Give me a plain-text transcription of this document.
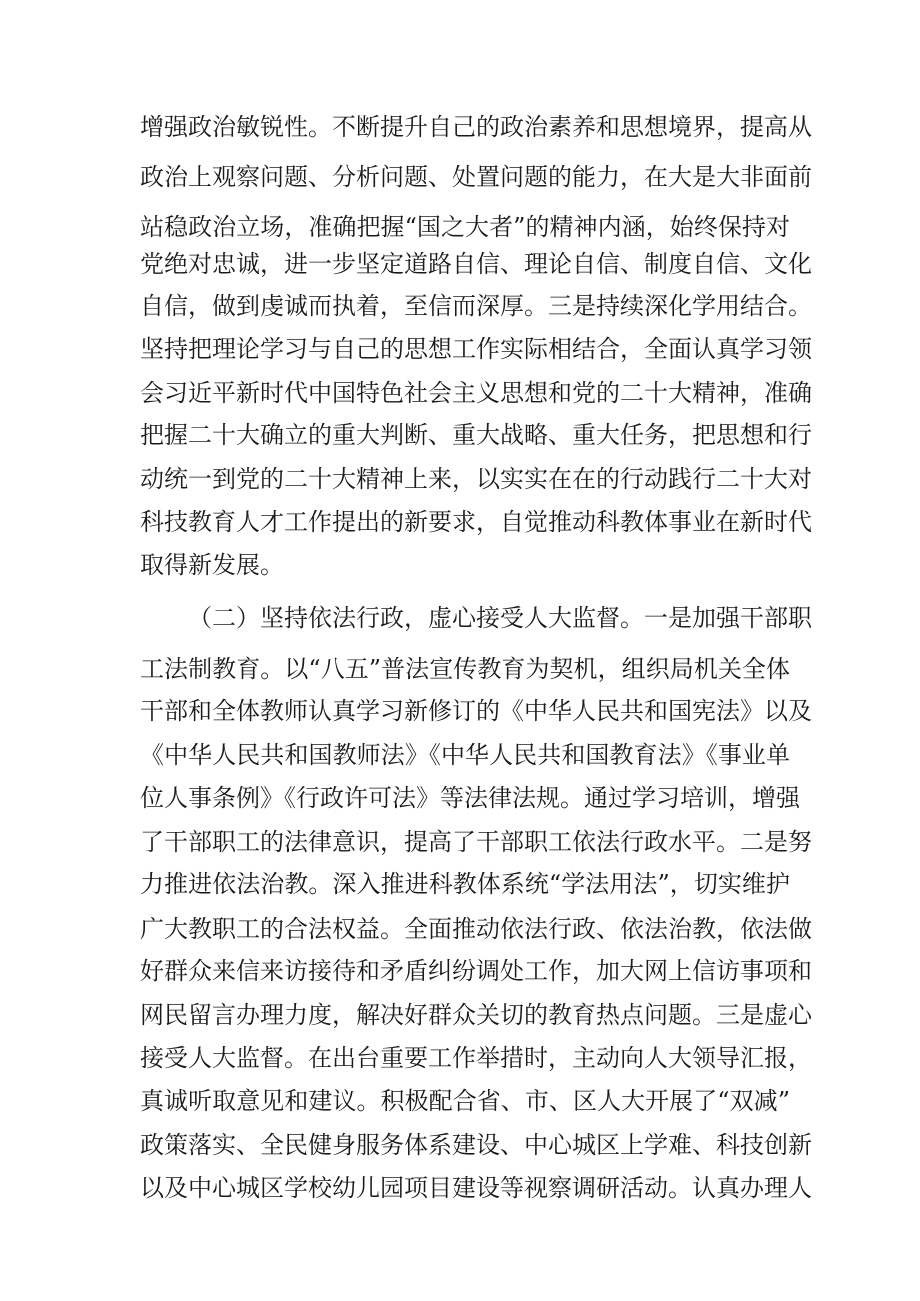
增强政治敏锐性。不断提升自己的政治素养和思想境界，提高从
政治上观察问题、分析问题、处置问题的能力，在大是大非面前
站稳政治立场，准确把握“国之大者”的精神内涵，始终保持对
党绝对忠诚，进一步坚定道路自信、理论自信、制度自信、文化
自信，做到虔诚而执着，至信而深厚。三是持续深化学用结合。
坚持把理论学习与自己的思想工作实际相结合，全面认真学习领
会习近平新时代中国特色社会主义思想和党的二十大精神，准确
把握二十大确立的重大判断、重大战略、重大任务，把思想和行
动统一到党的二十大精神上来，以实实在在的行动践行二十大对
科技教育人才工作提出的新要求，自觉推动科教体事业在新时代
取得新发展。
（二）坚持依法行政，虚心接受人大监督。一是加强干部职
工法制教育。以“八五”普法宣传教育为契机，组织局机关全体
干部和全体教师认真学习新修订的《中华人民共和国宪法》以及
《中华人民共和国教师法》《中华人民共和国教育法》《事业单
位人事条例》《行政许可法》等法律法规。通过学习培训，增强
了干部职工的法律意识，提高了干部职工依法行政水平。二是努
力推进依法治教。深入推进科教体系统“学法用法”，切实维护
广大教职工的合法权益。全面推动依法行政、依法治教，依法做
好群众来信来访接待和矛盾纠纷调处工作，加大网上信访事项和
网民留言办理力度，解决好群众关切的教育热点问题。三是虚心
接受人大监督。在出台重要工作举措时，主动向人大领导汇报，
真诚听取意见和建议。积极配合省、市、区人大开展了“双减”
政策落实、全民健身服务体系建设、中心城区上学难、科技创新
以及中心城区学校幼儿园项目建设等视察调研活动。认真办理人
